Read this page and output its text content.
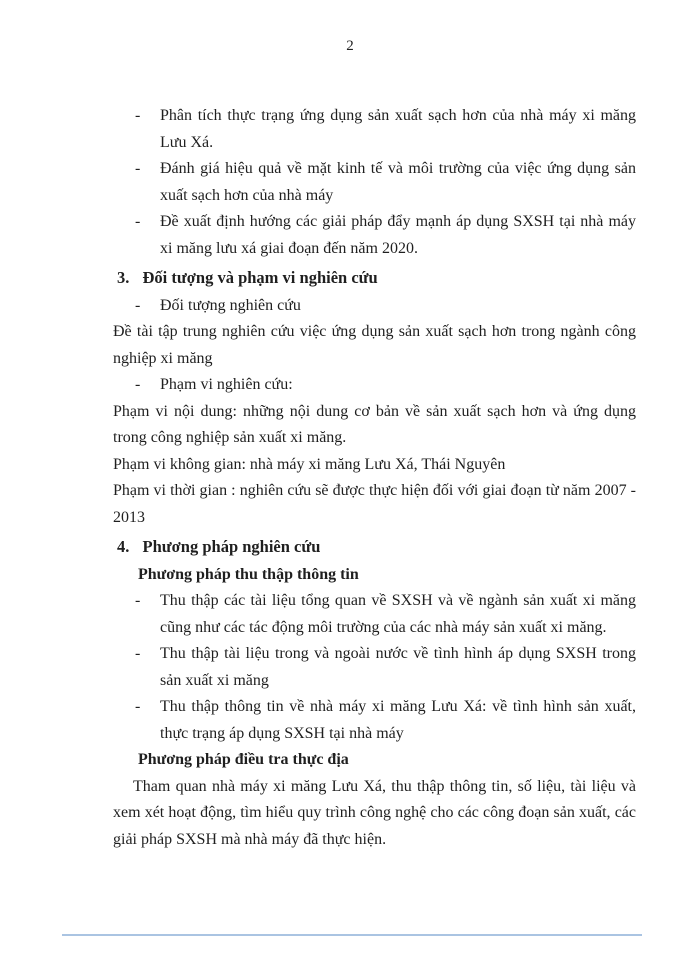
2
-	Phân tích thực trạng ứng dụng sản xuất sạch hơn của nhà máy xi măng Lưu Xá.
-	Đánh giá hiệu quả về mặt kinh tế và môi trường của việc ứng dụng sản xuất sạch hơn của nhà máy
-	Đề xuất định hướng các giải pháp đẩy mạnh áp dụng SXSH tại nhà máy xi măng lưu xá giai đoạn đến năm 2020.
3. Đối tượng và phạm vi nghiên cứu
-	Đối tượng nghiên cứu

Đề tài tập trung nghiên cứu việc ứng dụng sản xuất sạch hơn trong ngành công nghiệp xi măng

-	Phạm vi nghiên cứu:

Phạm vi nội dung: những nội dung cơ bản về sản xuất sạch hơn và ứng dụng trong công nghiệp sản xuất xi măng.

Phạm vi không gian: nhà máy xi măng Lưu Xá, Thái Nguyên

Phạm vi thời gian : nghiên cứu sẽ được thực hiện đối với giai đoạn từ năm 2007 - 2013

4. Phương pháp nghiên cứu
Phương pháp thu thập thông tin
-	Thu thập các tài liệu tổng quan về SXSH và về ngành sản xuất xi măng cũng như các tác động môi trường của các nhà máy sản xuất xi măng.
-	Thu thập tài liệu trong và ngoài nước về tình hình áp dụng SXSH trong sản xuất xi măng
-	Thu thập thông tin về nhà máy xi măng Lưu Xá: về tình hình sản xuất, thực trạng áp dụng SXSH tại nhà máy
Phương pháp điều tra thực địa

Tham quan nhà máy xi măng Lưu Xá, thu thập thông tin, số liệu, tài liệu và xem xét hoạt động, tìm hiểu quy trình công nghệ cho các công đoạn sản xuất, các giải pháp SXSH mà nhà máy đã thực hiện.
